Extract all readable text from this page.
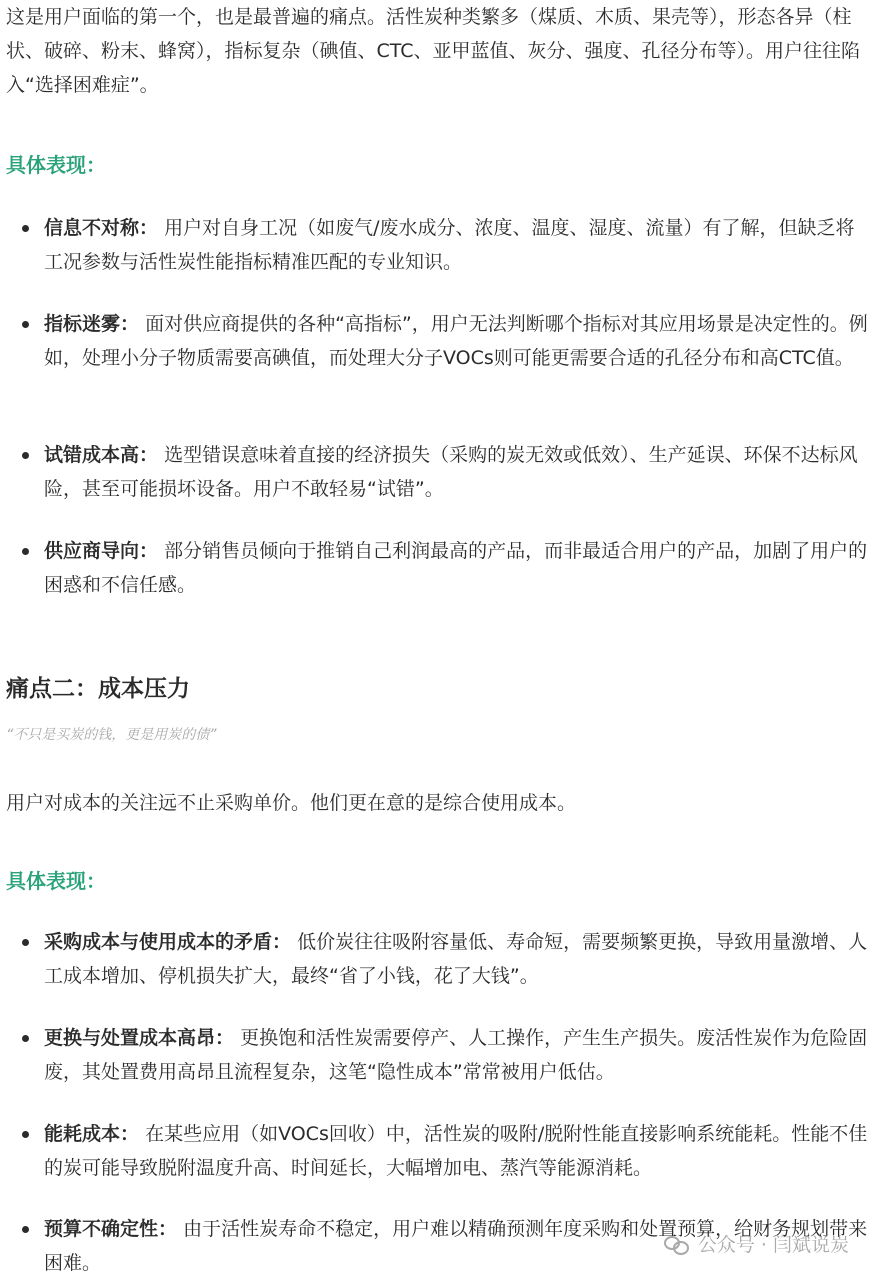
这是用户面临的第一个，也是最普遍的痛点。活性炭种类繁多（煤质、木质、果壳等），形态各异（柱状、破碎、粉末、蜂窝），指标复杂（碘值、CTC、亚甲蓝值、灰分、强度、孔径分布等）。用户往往陷入“选择困难症”。

具体表现：

信息不对称： 用户对自身工况（如废气/废水成分、浓度、温度、湿度、流量）有了解，但缺乏将工况参数与活性炭性能指标精准匹配的专业知识。

指标迷雾： 面对供应商提供的各种“高指标”，用户无法判断哪个指标对其应用场景是决定性的。例如，处理小分子物质需要高碘值，而处理大分子VOCs则可能更需要合适的孔径分布和高CTC值。

试错成本高： 选型错误意味着直接的经济损失（采购的炭无效或低效）、生产延误、环保不达标风险，甚至可能损坏设备。用户不敢轻易“试错”。

供应商导向： 部分销售员倾向于推销自己利润最高的产品，而非最适合用户的产品，加剧了用户的困惑和不信任感。

痛点二：成本压力

“不只是买炭的钱，更是用炭的债”

用户对成本的关注远不止采购单价。他们更在意的是综合使用成本。

具体表现：

采购成本与使用成本的矛盾： 低价炭往往吸附容量低、寿命短，需要频繁更换，导致用量激增、人工成本增加、停机损失扩大，最终“省了小钱，花了大钱”。

更换与处置成本高昂： 更换饱和活性炭需要停产、人工操作，产生生产损失。废活性炭作为危险固废，其处置费用高昂且流程复杂，这笔“隐性成本”常常被用户低估。

能耗成本： 在某些应用（如VOCs回收）中，活性炭的吸附/脱附性能直接影响系统能耗。性能不佳的炭可能导致脱附温度升高、时间延长，大幅增加电、蒸汽等能源消耗。

预算不确定性： 由于活性炭寿命不稳定，用户难以精确预测年度采购和处置预算，给财务规划带来困难。

公众号 · 闫斌说炭
